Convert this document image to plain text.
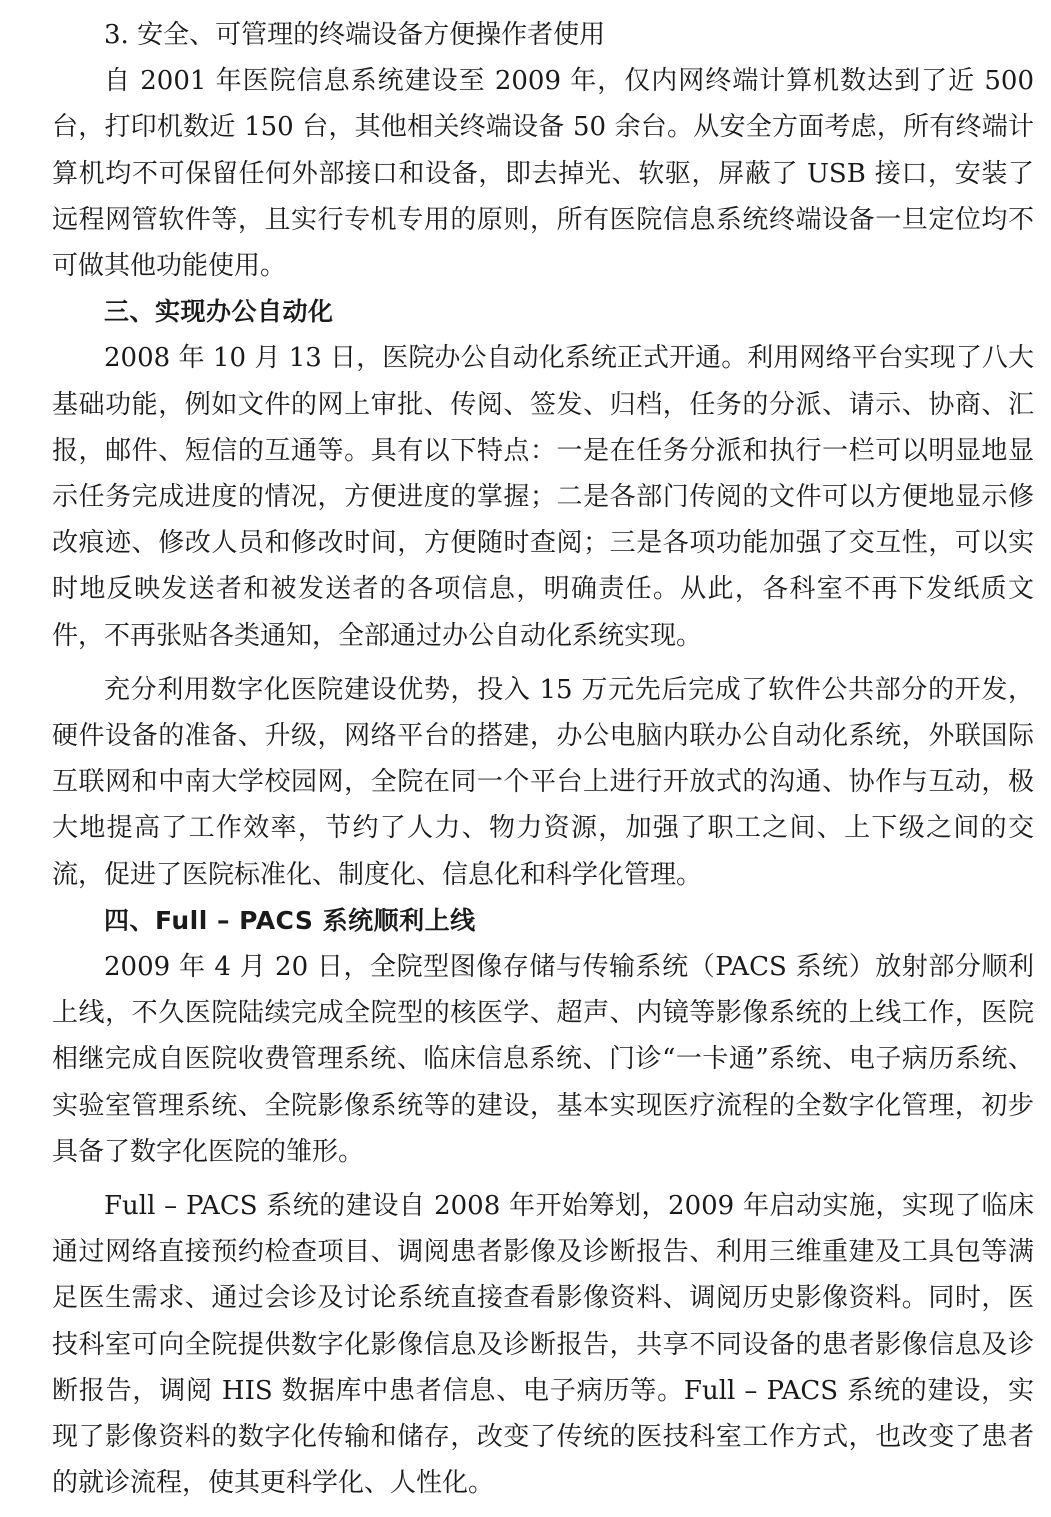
3. 安全、可管理的终端设备方便操作者使用

自 2001 年医院信息系统建设至 2009 年，仅内网终端计算机数达到了近 500 台，打印机数近 150 台，其他相关终端设备 50 余台。从安全方面考虑，所有终端计算机均不可保留任何外部接口和设备，即去掉光、软驱，屏蔽了 USB 接口，安装了远程网管软件等，且实行专机专用的原则，所有医院信息系统终端设备一旦定位均不可做其他功能使用。

三、实现办公自动化

2008 年 10 月 13 日，医院办公自动化系统正式开通。利用网络平台实现了八大基础功能，例如文件的网上审批、传阅、签发、归档，任务的分派、请示、协商、汇报，邮件、短信的互通等。具有以下特点：一是在任务分派和执行一栏可以明显地显示任务完成进度的情况，方便进度的掌握；二是各部门传阅的文件可以方便地显示修改痕迹、修改人员和修改时间，方便随时查阅；三是各项功能加强了交互性，可以实时地反映发送者和被发送者的各项信息，明确责任。从此，各科室不再下发纸质文件，不再张贴各类通知，全部通过办公自动化系统实现。

充分利用数字化医院建设优势，投入 15 万元先后完成了软件公共部分的开发，硬件设备的准备、升级，网络平台的搭建，办公电脑内联办公自动化系统，外联国际互联网和中南大学校园网，全院在同一个平台上进行开放式的沟通、协作与互动，极大地提高了工作效率，节约了人力、物力资源，加强了职工之间、上下级之间的交流，促进了医院标准化、制度化、信息化和科学化管理。

四、Full – PACS 系统顺利上线

2009 年 4 月 20 日，全院型图像存储与传输系统（PACS 系统）放射部分顺利上线，不久医院陆续完成全院型的核医学、超声、内镜等影像系统的上线工作，医院相继完成自医院收费管理系统、临床信息系统、门诊“一卡通”系统、电子病历系统、实验室管理系统、全院影像系统等的建设，基本实现医疗流程的全数字化管理，初步具备了数字化医院的雏形。

Full – PACS 系统的建设自 2008 年开始筹划，2009 年启动实施，实现了临床通过网络直接预约检查项目、调阅患者影像及诊断报告、利用三维重建及工具包等满足医生需求、通过会诊及讨论系统直接查看影像资料、调阅历史影像资料。同时，医技科室可向全院提供数字化影像信息及诊断报告，共享不同设备的患者影像信息及诊断报告，调阅 HIS 数据库中患者信息、电子病历等。Full – PACS 系统的建设，实现了影像资料的数字化传输和储存，改变了传统的医技科室工作方式，也改变了患者的就诊流程，使其更科学化、人性化。
